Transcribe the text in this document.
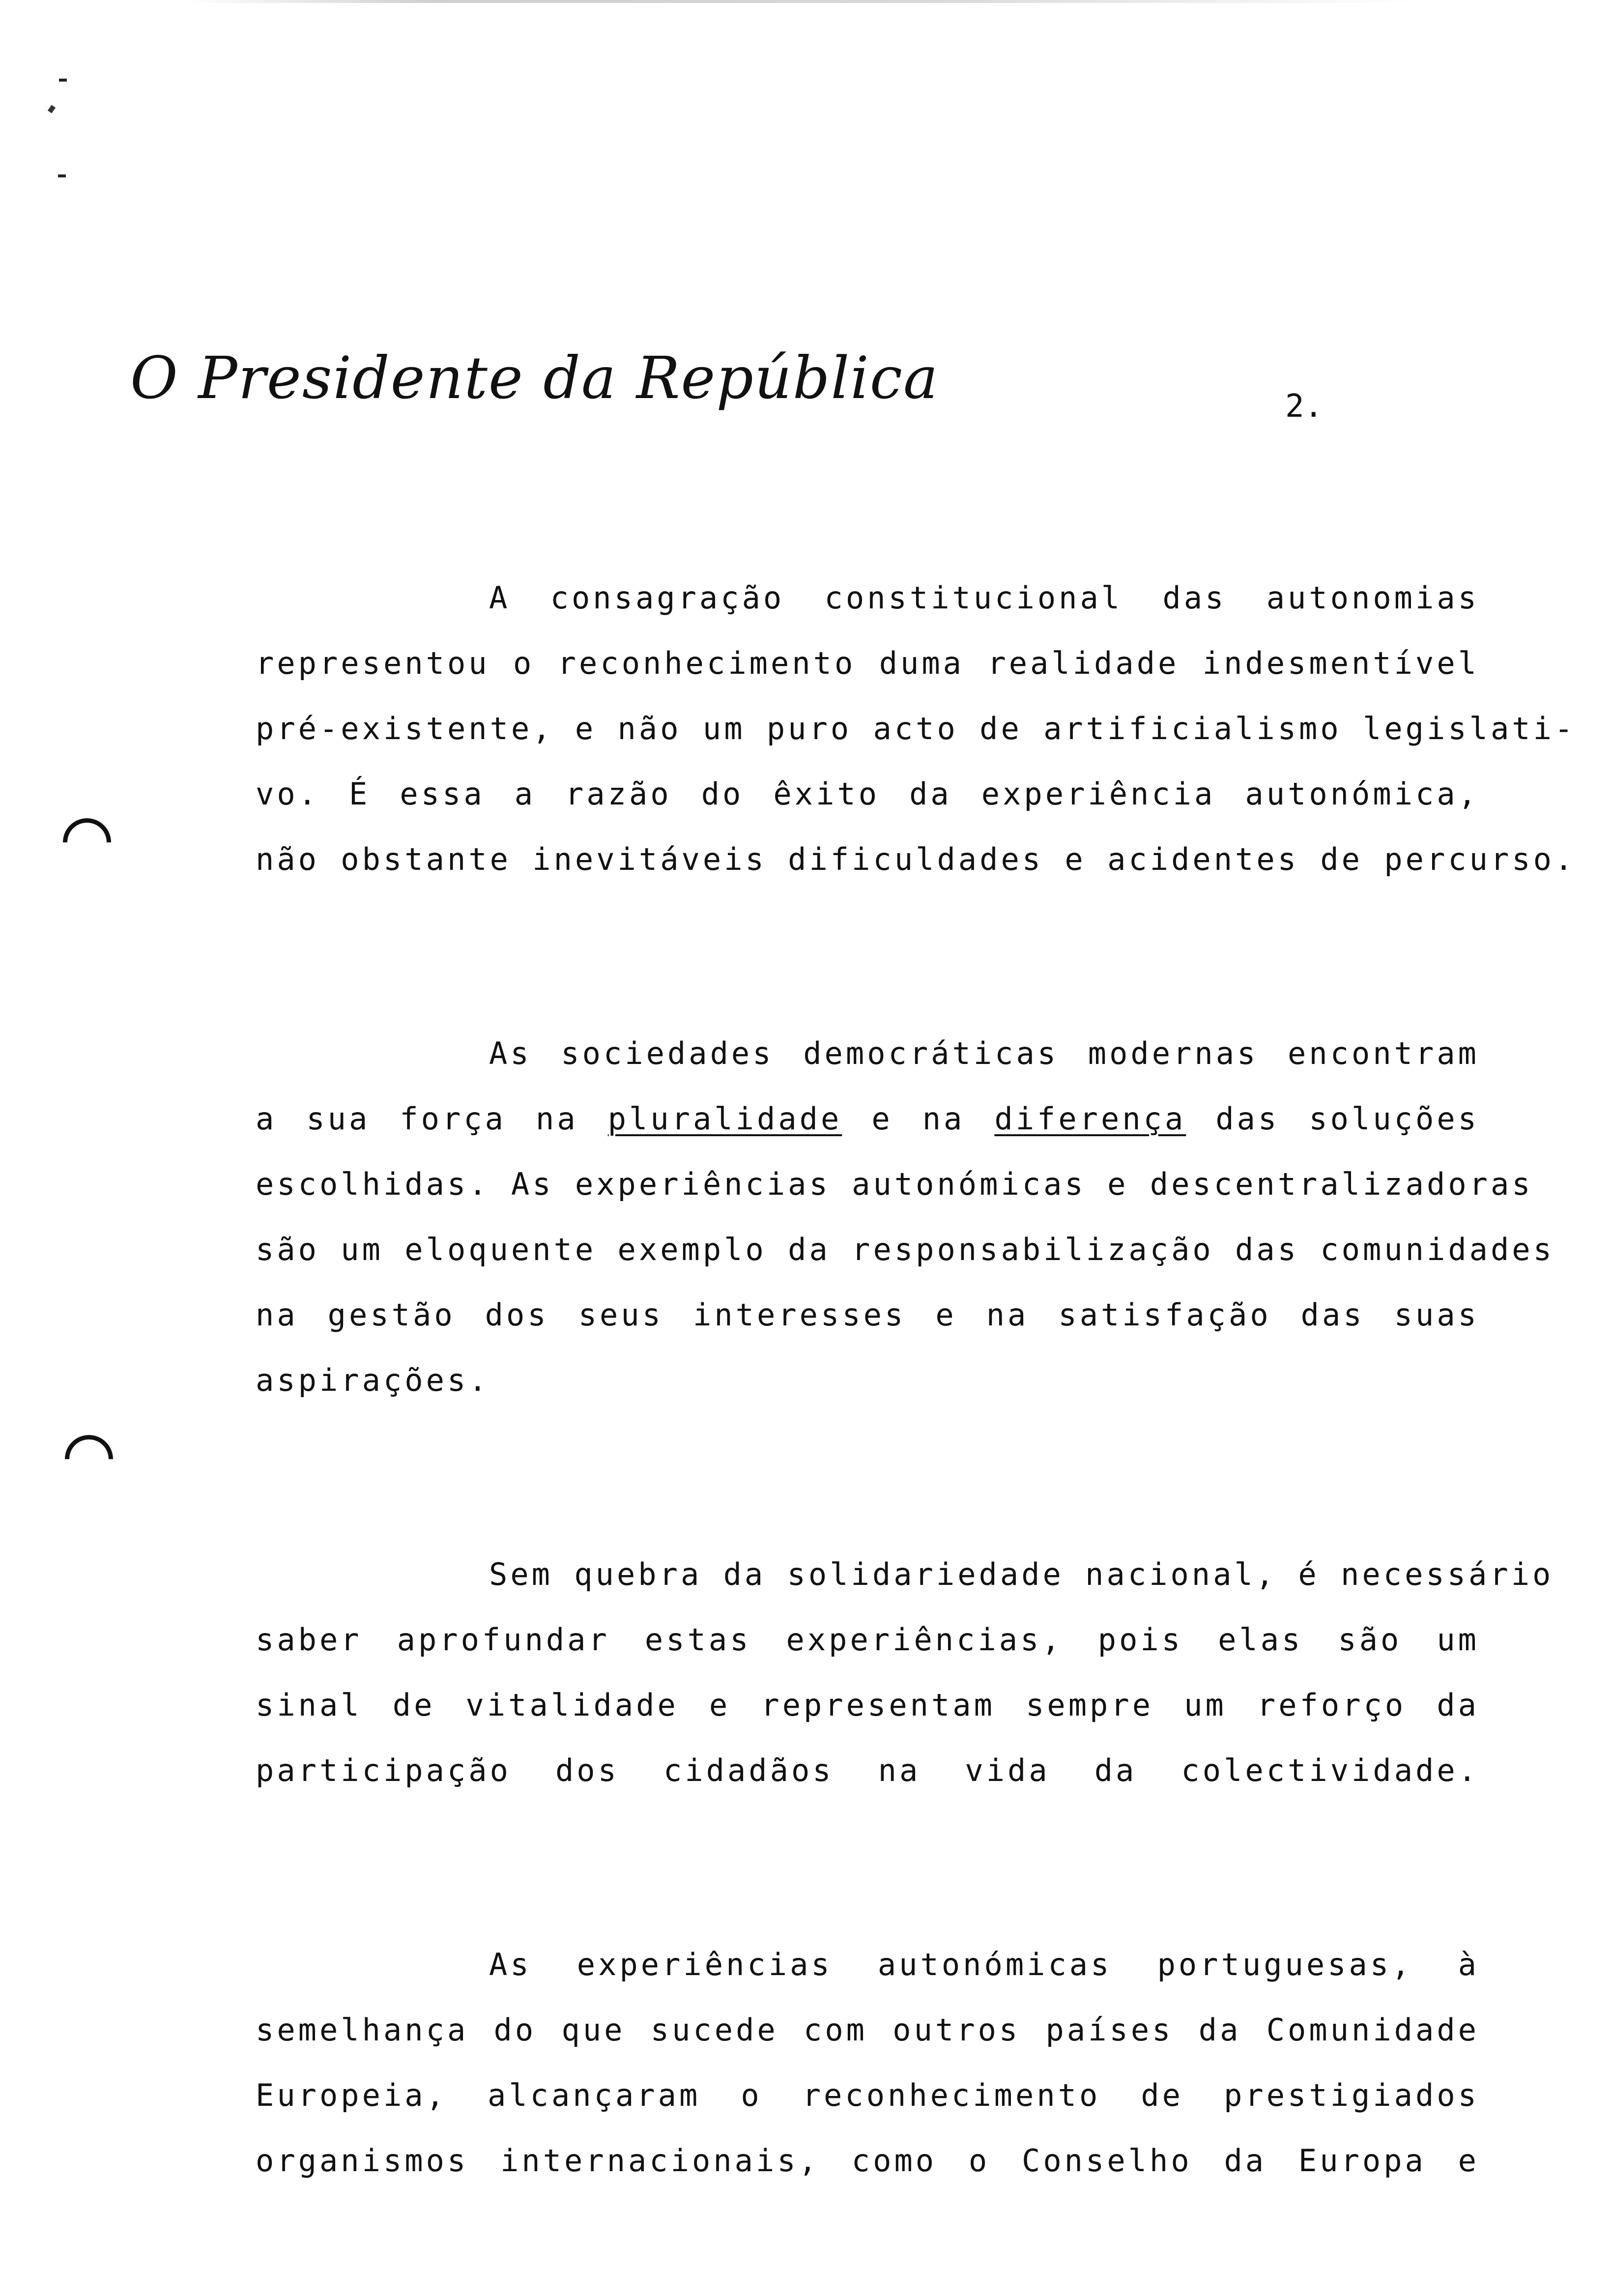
O Presidente da República	2.
A consagração constitucional das autonomias
representou o reconhecimento duma realidade indesmentível
pré-existente, e não um puro acto de artificialismo legislati-
vo. É essa a razão do êxito da experiência autonómica,
não obstante inevitáveis dificuldades e acidentes de percurso.
As sociedades democráticas modernas encontram
a sua força na pluralidade e na diferença das soluções
escolhidas. As experiências autonómicas e descentralizadoras
são um eloquente exemplo da responsabilização das comunidades
na gestão dos seus interesses e na satisfação das suas
aspirações.
Sem quebra da solidariedade nacional, é necessário
saber aprofundar estas experiências, pois elas são um
sinal de vitalidade e representam sempre um reforço da
participação dos cidadãos na vida da colectividade.
As experiências autonómicas portuguesas, à
semelhança do que sucede com outros países da Comunidade
Europeia, alcançaram o reconhecimento de prestigiados
organismos internacionais, como o Conselho da Europa e
